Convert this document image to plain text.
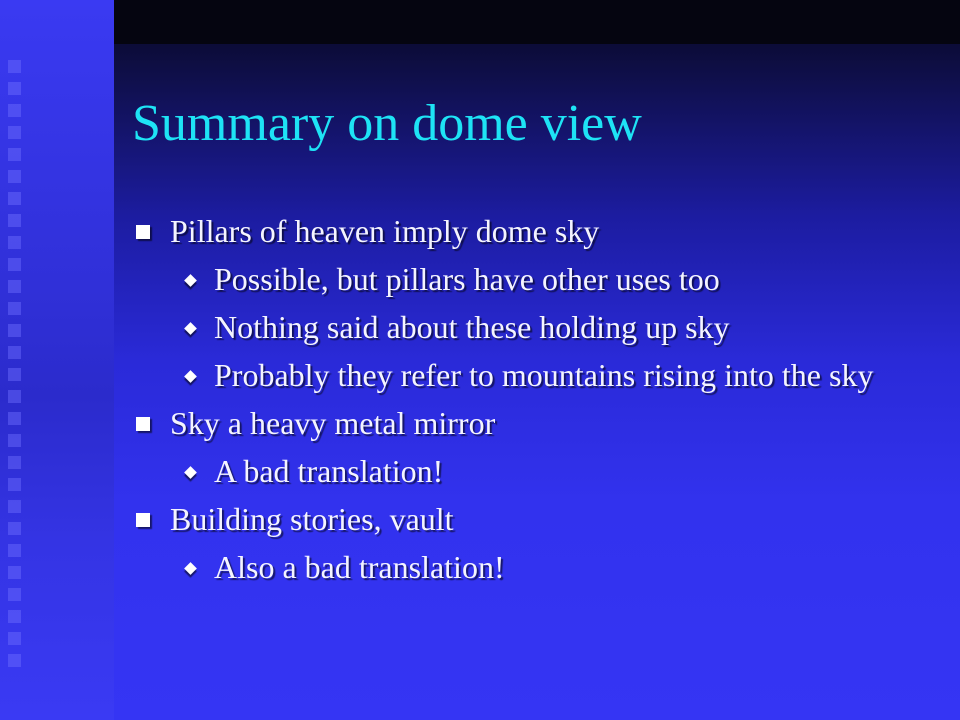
Summary on dome view
Pillars of heaven imply dome sky
Possible, but pillars have other uses too
Nothing said about these holding up sky
Probably they refer to mountains rising into the sky
Sky a heavy metal mirror
A bad translation!
Building stories, vault
Also a bad translation!
